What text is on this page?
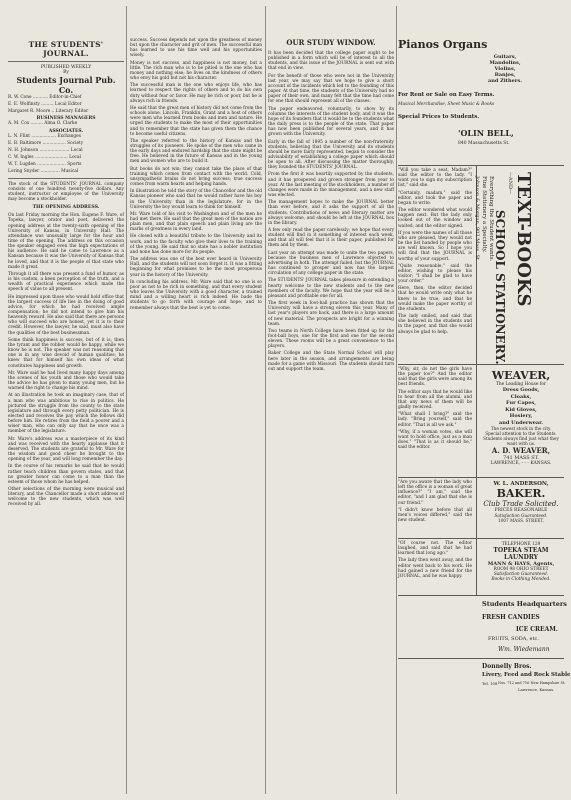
THE STUDENTS' JOURNAL.
PUBLISHED WEEKLY
By
Students Journal Pub. Co.
R. W. Cone ........... Editor-in-Chief
E. E. Wolfinsty ......... Local Editor
Margaret R. Moore .. Literary Editor
BUSINESS MANAGERS
A. M. Cox ......... Alma O. Clarke
ASSOCIATES.
L. N. Flint .................. Exchanges
E. B. Baltimore ................. Society
N. H. Johnson ...................... Local
C. W. Ingles ........................ Local
W. T. Lugden ..................... Sports
Loring Snyder .............. Musical

The stock of the STUDENTS' JOURNAL company consists of one hundred twenty-five dollars. Any student, instructor or employee of the University may become a stockholder.

THE OPENING ADDRESS.

On last Friday morning the Hon. Eugene F. Ware, of Topeka, lawyer, orator and poet, delivered the opening address at the twenty-sixth opening of the University of Kansas, in University Hall. The attendance was unusually large for the hour and time of the opening. The address on this occasion the speaker engaged even the high expectations of his audience. He said he came to Lawrence as a Kansan because it was the University of Kansas that he loved, and that it is the people of that state who made it great.

Through it all there was present a fund of humor, as is his custom, a keen perception of the truth, and a wealth of practical experience which made the speech of value to all present.

He impressed upon those who would hold office that the largest success of life lies in the doing of good advice, for which he had received ample compensation; he did not intend to give him his heavenly reward. He also said that there are persons who will succeed who are honest, yet it is to their credit. However, the lawyer, he said, must also have the qualities of the best businessman.

Some think happiness is success, but of it is, then the tyrant and the robber would be happy, while we know he is not. The speaker was not reasoning that one is in any wise devoid of human qualities; he knew that for himself his own ideas of what constitutes happiness and growth.

Mr. Ware said he had lived many happy days among the scenes of his youth and those who would take the advice he has given to many young men, but he warned the right to change his mind.

At an illustration he took an imaginary case, that of a man who was ambitious to rise in politics. He pictured the struggle from the county to the state legislature and through every petty politician. He is elected and receives the pay which the fellows did before him. He retires from the field a poorer and a wiser man, who can only say that he once was a member of the legislature.

Mr. Ware's address was a masterpiece of its kind and was received with the hearty applause that it deserved. The students are grateful to Mr. Ware for the wisdom and good cheer he brought to the opening of the year, and will long remember the day.

In the course of his remarks he said that he would rather teach children than govern states, and that no greater honor can come to a man than the esteem of those whom he has helped.

Other selections of the morning were musical and literary, and the Chancellor made a short address of welcome to the new students, which was well received by all.

success. Success depends not upon the greatness of money but upon the character and grit of men. The successful man has learned to use his time well and his opportunities wisely.

Money is not success, and happiness is not money, but a little. The rich man who is to be pitied is the one who has money and nothing else; he lives on the kindness of others who envy his gold but not his character.

The successful man is the one who enjoys life, who has learned to respect the rights of others and to do his own duty without fear or favor. He may be rich or poor, but he is always rich in friends.

He said that the great men of history did not come from the schools alone. Lincoln, Franklin, Grant and a host of others were men who learned from books and men and nature. He urged the students to make the most of their opportunities and to remember that the state has given them the chance to become useful citizens.

The speaker referred to the history of Kansas and the struggles of its pioneers. He spoke of the men who came in the early days and endured hardship that the state might be free. He believed in the future of Kansas and in the young men and women who are to build it.

But books do not win; they cannot take the place of that training which comes from contact with the world. Cold, unsympathetic brains do not bring success; true success comes from warm hearts and helping hands.

In illustration he told the story of the Chancellor and the old Kansas pioneer who said that he would rather have his boy in the University than in the legislature, for in the University the boy would learn to think for himself.

Mr. Ware told of his visit to Washington and of the men he had met there. He said that the great men of the nation are plain men, and that plain speech and plain living are the marks of greatness in every land.

He closed with a beautiful tribute to the University and its work, and to the faculty who give their lives to the training of the young. He said that no state has a nobler institution and none has done more for its people.

The address was one of the best ever heard in University Hall, and the students will not soon forget it. It was a fitting beginning for what promises to be the most prosperous year in the history of the University.

In concluding his address, Mr. Ware said that no one is so poor as not to be rich in something, and that every student who leaves the University with a good character, a trained mind and a willing heart is rich indeed. He bade the students to go forth with courage and hope, and to remember always that the best is yet to come.

OUR STUDY WINDOW.

It has been decided that the college paper ought to be published in a form which will be of interest to all the students, and this issue of the JOURNAL is sent out with that end in view.

For the benefit of those who were not in the University last year, we may say that we hope to give a short account of the incidents which led to the founding of this paper. At that time, the students of the University had no paper of their own, and many felt that the time had come for one that should represent all of the classes.

The paper endeavored, voluntarily, to show by its columns the interests of the student body, and it was the hope of its founders that it would be to the students what the daily press is to the people of the state. That paper has now been published for several years, and it has grown with the University.

Early in the fall of 1895 a number of the non-fraternity students, believing that the University and its students should be more fairly represented, began to consider the advisability of establishing a college paper which should be open to all. After discussing the matter thoroughly, they founded the STUDENTS' JOURNAL.

From the first it was heartily supported by the students, and it has prospered and grown stronger from year to year. At the last meeting of the stockholders, a number of changes were made in the management, and a new staff was elected.

The management hopes to make the JOURNAL better than ever before, and it asks the support of all the students. Contributions of news and literary matter are always welcome, and should be left at the JOURNAL box in the library.

A few only read the paper carelessly; we hope that every student will find in it something of interest each week, and that all will feel that it is their paper, published for them and by them.

Last year an attempt was made to unite the two papers, because the business men of Lawrence objected to advertising in both. The attempt failed, but the JOURNAL has continued to prosper and now has the largest circulation of any college paper in the state.

The STUDENTS' JOURNAL takes pleasure in extending a hearty welcome to the new students and to the new members of the faculty. We hope that the year will be a pleasant and profitable one for all.

The first week in foot-ball practice has shown that the University will have a strong eleven this year. Many of last year's players are back, and there is a large amount of new material. The prospects are bright for a winning team.

Two teams in North College have been fitted up for the foot-ball boys, one for the first and one for the second eleven. These rooms will be a great convenience to the players.

Baker College and the State Normal School will play here later in the season, and arrangements are being made for a game with Missouri. The students should turn out and support the team.

Pianos Organs
Guitars,
Mandolins,
Violins,
Banjos,
and Zithers.
For Rent or Sale on Easy Terms.
Musical Merchandise, Sheet Music & Books
Special Prices to Students.
'OLIN BELL,
840 Massachusetts St.

"Will you take a seat, Madam?" said the editor to the lady. "I want you to sign my subscription list," said she.

"Certainly, madam," said the editor, and took the paper and began to write.

The editor wondered what would happen next. But the lady only looked out of the window and waited, and the editor signed.

If you were the names of all those who are pleased, they would not be the list handed by people who are well known. So I hope you will find that the JOURNAL is worthy of your support.

"Quite reasonable," said the editor, wishing to please his visitor; "I shall be glad to have your order."

Here, then, the editor decided that he would write only what he knew to be true, and that he would make the paper worthy of the students.

The lady smiled, and said that she believed in the students and in the paper, and that she would always be glad to help.

TEXT-BOOKS
—AND—
SCHOOL STATIONERY.
Everything the Student wants.
Fine Stationery a Specialty.
Johnson & Morgan, 903 Mass. St.

"Why, sir, do not the girls have the paper too?" And the editor said that the girls were among its best friends.

The editor says that he would like to hear from all the alumni, and that any news of them will be gladly received.

"What shall I bring?" said the lady. "Bring yourself," said the editor. "That is all we ask."

"Why, if a woman votes, she will want to hold office, just as a man does." "That is as it should be," said the editor.

WEAVER,
The Leading House for
Dress Goods,
Cloaks,
Fur Capes,
Kid Gloves,
Hosiery,
and Underwear.
The newest stock in the city.
Special attention to the Students. Students always find just what they want with us.
A. D. WEAVER,
741 MASS ST.
LAWRENCE, - - - KANSAS.

"Are you aware that the lady who left the office is a woman of great influence?" "I am," said the editor, "and I am glad that she is our friend."

"I didn't know before that all men's voices differed," said the new student.

W. L. ANDERSON,
BAKER.
Club Trade Solicited.
PRICES REASONABLE
Satisfaction Guaranteed.
1007 MASS. STREET.

"Of course not. The editor laughed, and said that he had learned that long ago."

The lady then went away, and the editor went back to his work. He had gained a new friend for the JOURNAL, and he was happy.

TELEPHONE 129
TOPEKA STEAM LAUNDRY
MANN & HAYS, Agents,
ROOM 98 OHIO STREET
Satisfaction Guaranteed.
Books in Clothing Mended.
Students Headquarters
FRESH CANDIES
ICE CREAM.
FRUITS, SODA, etc.
Wm. Wiedemann
Donnelly Bros.
Livery, Feed and Rock Stable
Tel. 108 Nos. 712 and 716 New Hampshire St.
Lawrence, Kansas.
